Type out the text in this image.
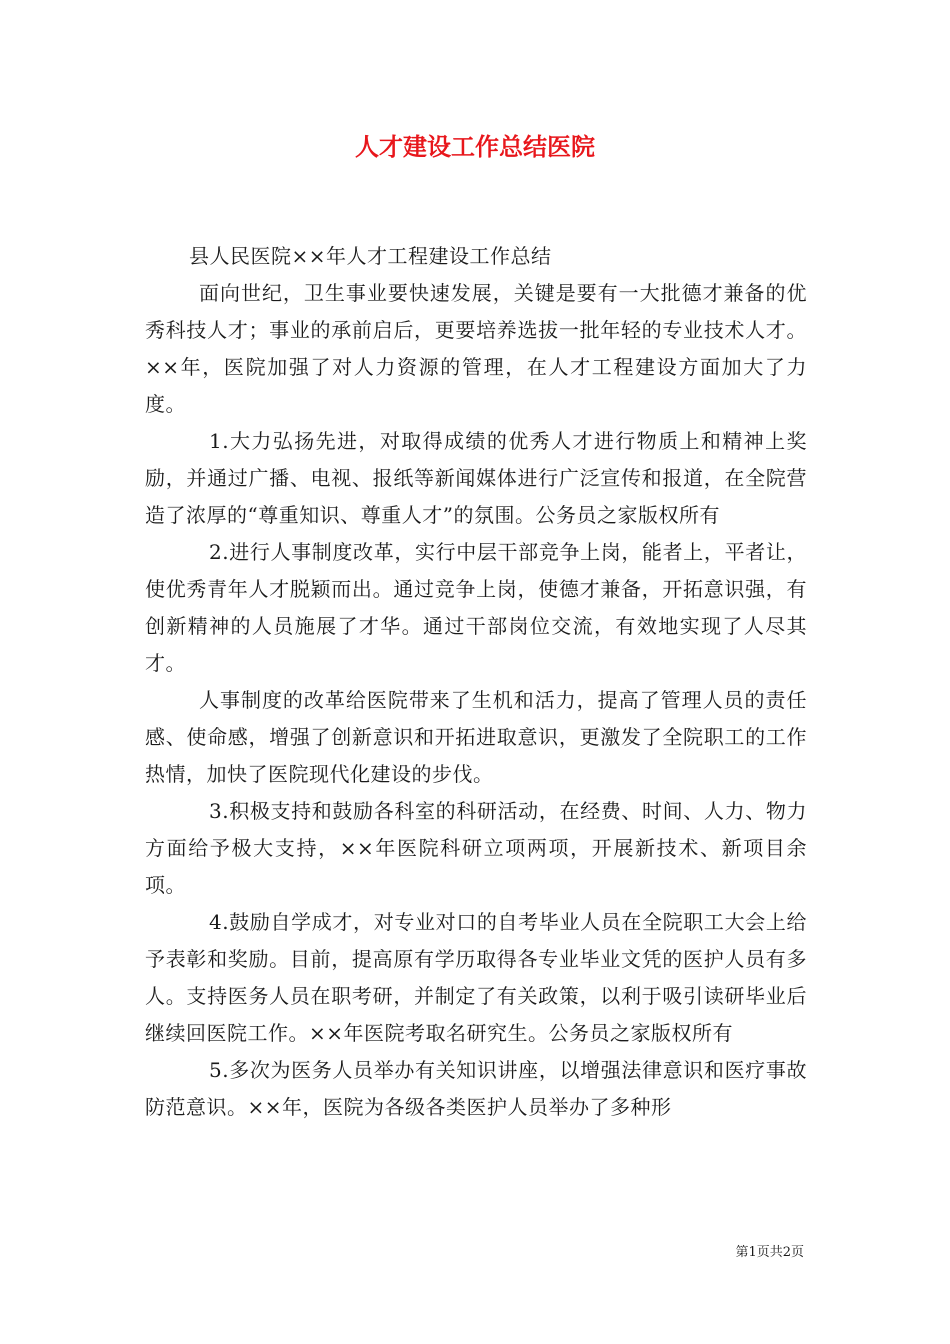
人才建设工作总结医院

县人民医院××年人才工程建设工作总结

面向世纪，卫生事业要快速发展，关键是要有一大批德才兼备的优秀科技人才；事业的承前启后，更要培养选拔一批年轻的专业技术人才。××年，医院加强了对人力资源的管理，在人才工程建设方面加大了力度。

1.大力弘扬先进，对取得成绩的优秀人才进行物质上和精神上奖励，并通过广播、电视、报纸等新闻媒体进行广泛宣传和报道，在全院营造了浓厚的“尊重知识、尊重人才”的氛围。公务员之家版权所有

2.进行人事制度改革，实行中层干部竞争上岗，能者上，平者让，使优秀青年人才脱颖而出。通过竞争上岗，使德才兼备，开拓意识强，有创新精神的人员施展了才华。通过干部岗位交流，有效地实现了人尽其才。

人事制度的改革给医院带来了生机和活力，提高了管理人员的责任感、使命感，增强了创新意识和开拓进取意识，更激发了全院职工的工作热情，加快了医院现代化建设的步伐。

3.积极支持和鼓励各科室的科研活动，在经费、时间、人力、物力方面给予极大支持，××年医院科研立项两项，开展新技术、新项目余项。

4.鼓励自学成才，对专业对口的自考毕业人员在全院职工大会上给予表彰和奖励。目前，提高原有学历取得各专业毕业文凭的医护人员有多人。支持医务人员在职考研，并制定了有关政策，以利于吸引读研毕业后继续回医院工作。××年医院考取名研究生。公务员之家版权所有

5.多次为医务人员举办有关知识讲座，以增强法律意识和医疗事故防范意识。××年，医院为各级各类医护人员举办了多种形

第1页共2页
